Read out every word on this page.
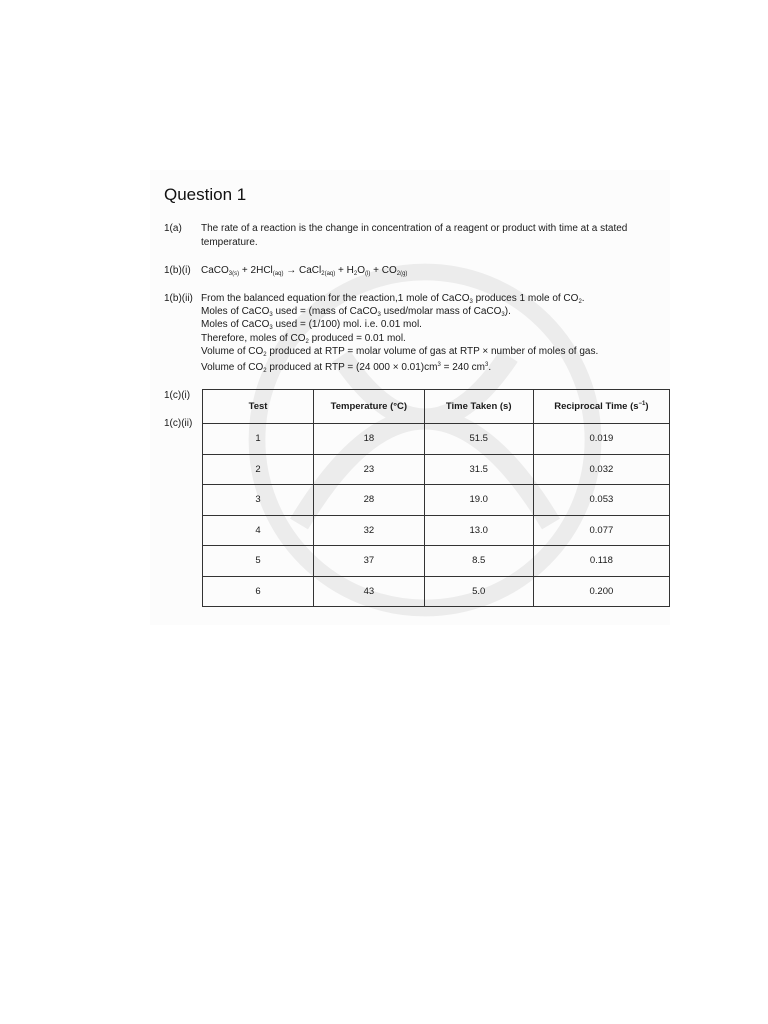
Question 1
1(a) The rate of a reaction is the change in concentration of a reagent or product with time at a stated
temperature.
1(b)(i) CaCO$_{3(s)}$ + 2HCl$_{(aq)}$ → CaCl$_{2(aq)}$ + $H_2O_{(l)} + CO_{2(g)}$
1(b)(ii) From the balanced equation for the reaction,1 mole of CaCO$_3$ produces 1 mole of $CO_2$.
Moles of CaCO$_3$ used = (mass of CaCO$_3$ used/molar mass of CaCO$_3$).
Moles of CaCO$_3$ used = (1/100) mol. i.e. 0.01 mol.
Therefore, moles of $CO_2$ produced = 0.01 mol.
Volume of $CO_2$ produced at RTP = molar volume of gas at RTP × number of moles of gas.
Volume of $CO_2$ produced at RTP = (24 $000 \times 0.01)cm^3 = 240$ $cm^3$.
1(c)(i)
1(c)(ii)
Test	Temperature (°C)	Time Taken (s)	Reciprocal Time $(s^{-1})$
1	18	51.5	0.019
2	23	31.5	0.032
3	28	19.0	0.053
4	32	13.0	0.077
5	37	8.5	0.118
6	43	5.0	0.200
